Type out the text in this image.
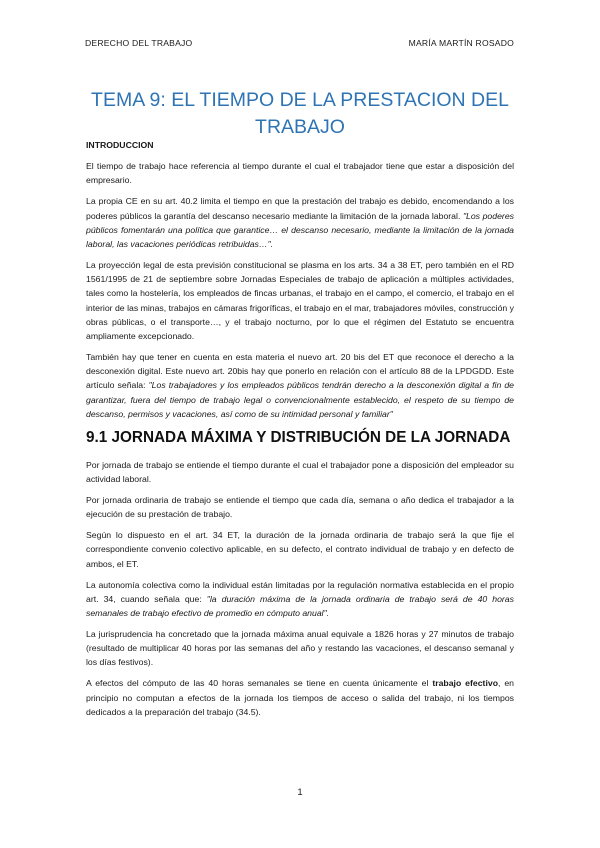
DERECHO DEL TRABAJO	MARÍA MARTÍN ROSADO
TEMA 9: EL TIEMPO DE LA PRESTACION DEL
TRABAJO
INTRODUCCION

El tiempo de trabajo hace referencia al tiempo durante el cual el trabajador tiene que estar a disposición del empresario.

La propia CE en su art. 40.2 limita el tiempo en que la prestación del trabajo es debido, encomendando a los poderes públicos la garantía del descanso necesario mediante la limitación de la jornada laboral. "Los poderes públicos fomentarán una política que garantice… el descanso necesario, mediante la limitación de la jornada laboral, las vacaciones periódicas retribuidas…".

La proyección legal de esta previsión constitucional se plasma en los arts. 34 a 38 ET, pero también en el RD 1561/1995 de 21 de septiembre sobre Jornadas Especiales de trabajo de aplicación a múltiples actividades, tales como la hostelería, los empleados de fincas urbanas, el trabajo en el campo, el comercio, el trabajo en el interior de las minas, trabajos en cámaras frigoríficas, el trabajo en el mar, trabajadores móviles, construcción y obras públicas, o el transporte…, y el trabajo nocturno, por lo que el régimen del Estatuto se encuentra ampliamente excepcionado.

También hay que tener en cuenta en esta materia el nuevo art. 20 bis del ET que reconoce el derecho a la desconexión digital. Este nuevo art. 20bis hay que ponerlo en relación con el artículo 88 de la LPDGDD. Este artículo señala: "Los trabajadores y los empleados públicos tendrán derecho a la desconexión digital a fin de garantizar, fuera del tiempo de trabajo legal o convencionalmente establecido, el respeto de su tiempo de descanso, permisos y vacaciones, así como de su intimidad personal y familiar"

9.1 JORNADA MÁXIMA Y DISTRIBUCIÓN DE LA JORNADA

Por jornada de trabajo se entiende el tiempo durante el cual el trabajador pone a disposición del empleador su actividad laboral.

Por jornada ordinaria de trabajo se entiende el tiempo que cada día, semana o año dedica el trabajador a la ejecución de su prestación de trabajo.

Según lo dispuesto en el art. 34 ET, la duración de la jornada ordinaria de trabajo será la que fije el correspondiente convenio colectivo aplicable, en su defecto, el contrato individual de trabajo y en defecto de ambos, el ET.

La autonomía colectiva como la individual están limitadas por la regulación normativa establecida en el propio art. 34, cuando señala que: "la duración máxima de la jornada ordinaria de trabajo será de 40 horas semanales de trabajo efectivo de promedio en cómputo anual".

La jurisprudencia ha concretado que la jornada máxima anual equivale a 1826 horas y 27 minutos de trabajo (resultado de multiplicar 40 horas por las semanas del año y restando las vacaciones, el descanso semanal y los días festivos).

A efectos del cómputo de las 40 horas semanales se tiene en cuenta únicamente el trabajo efectivo, en principio no computan a efectos de la jornada los tiempos de acceso o salida del trabajo, ni los tiempos dedicados a la preparación del trabajo (34.5).

1
